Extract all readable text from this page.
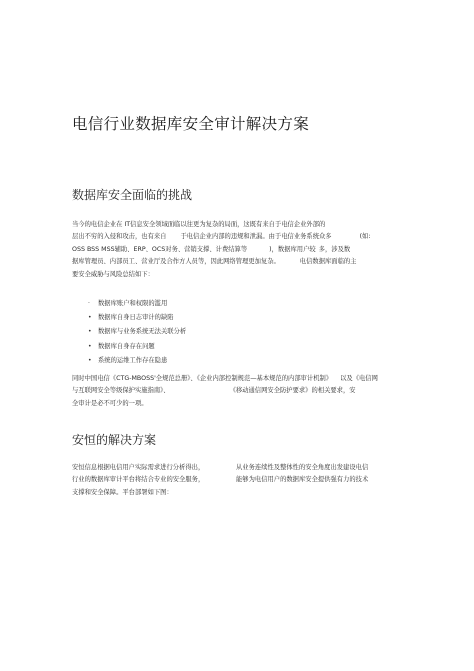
电信行业数据库安全审计解决方案
数据库安全面临的挑战
当今的电信企业在 IT信息安全领域面临以往更为复杂的局面，这既有来自于电信企业外部的
层出不穷的入侵和攻击，也有来自 于电信企业内部的违规和泄漏。由于电信业务系统众多	(如:
OSS BSS MSS辅助、ERP、OCS对务、营销支撑、计费结算等	)，数据库用户较 多，涉及数
据库管理员、内部员工、营业厅及合作方人员等，因此网络管理更加复杂。	电信数据库面临的主
要安全威胁与风险总结如下：
· 数据库账户和权限的滥用
• 数据库自身日志审计的缺陷
• 数据库与业务系统无法关联分析
• 数据库自身存在问题
• 系统的运维工作存在隐患
同时中国电信《CTG-MBOSS'全规范总册》、《企业内部控制规范—基本规范的内部审计机制》 以及《电信网
与互联网安全等级保护实施指南》、	《移动通信网安全防护要求》的相关要求，安
全审计是必不可少的一项。
安恒的解决方案
安恒信息根据电信用户实际需求进行分析得出，
行业的数据库审计平台将结合专业的安全服务，
支撑和安全保障。平台部署如下图：
从业务连续性及整体性的安全角度出发建设电信
能够为电信用户的数据库安全提供强有力的技术
